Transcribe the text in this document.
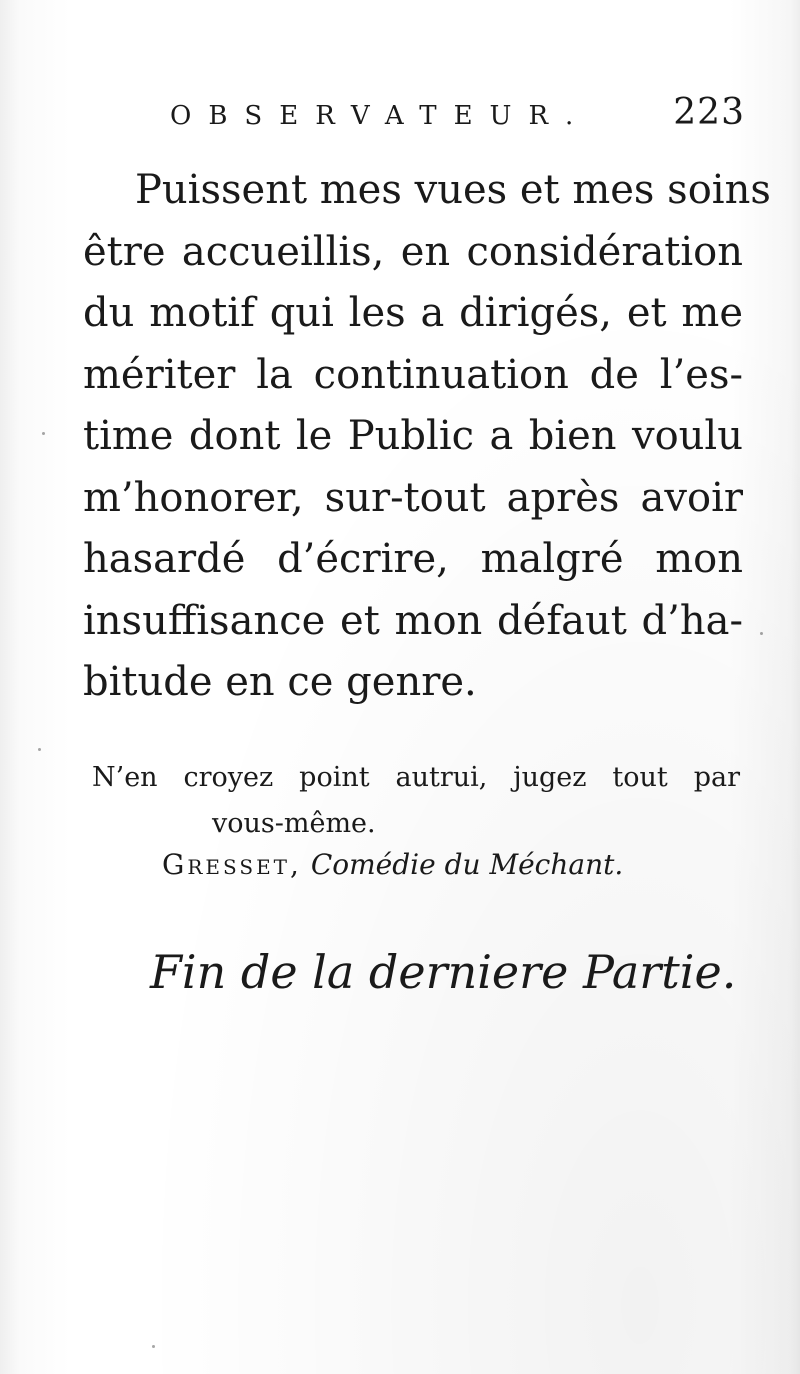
OBSERVATEUR. 223
Puissent mes vues et mes soins
être accueillis, en considération
du motif qui les a dirigés, et me
mériter la continuation de l’es-
time dont le Public a bien voulu
m’honorer, sur-tout après avoir
hasardé d’écrire, malgré mon
insuffisance et mon défaut d’ha-
bitude en ce genre.
N’en croyez point autrui, jugez tout par
vous-même.
Gresset, Comédie du Méchant.
Fin de la derniere Partie.
